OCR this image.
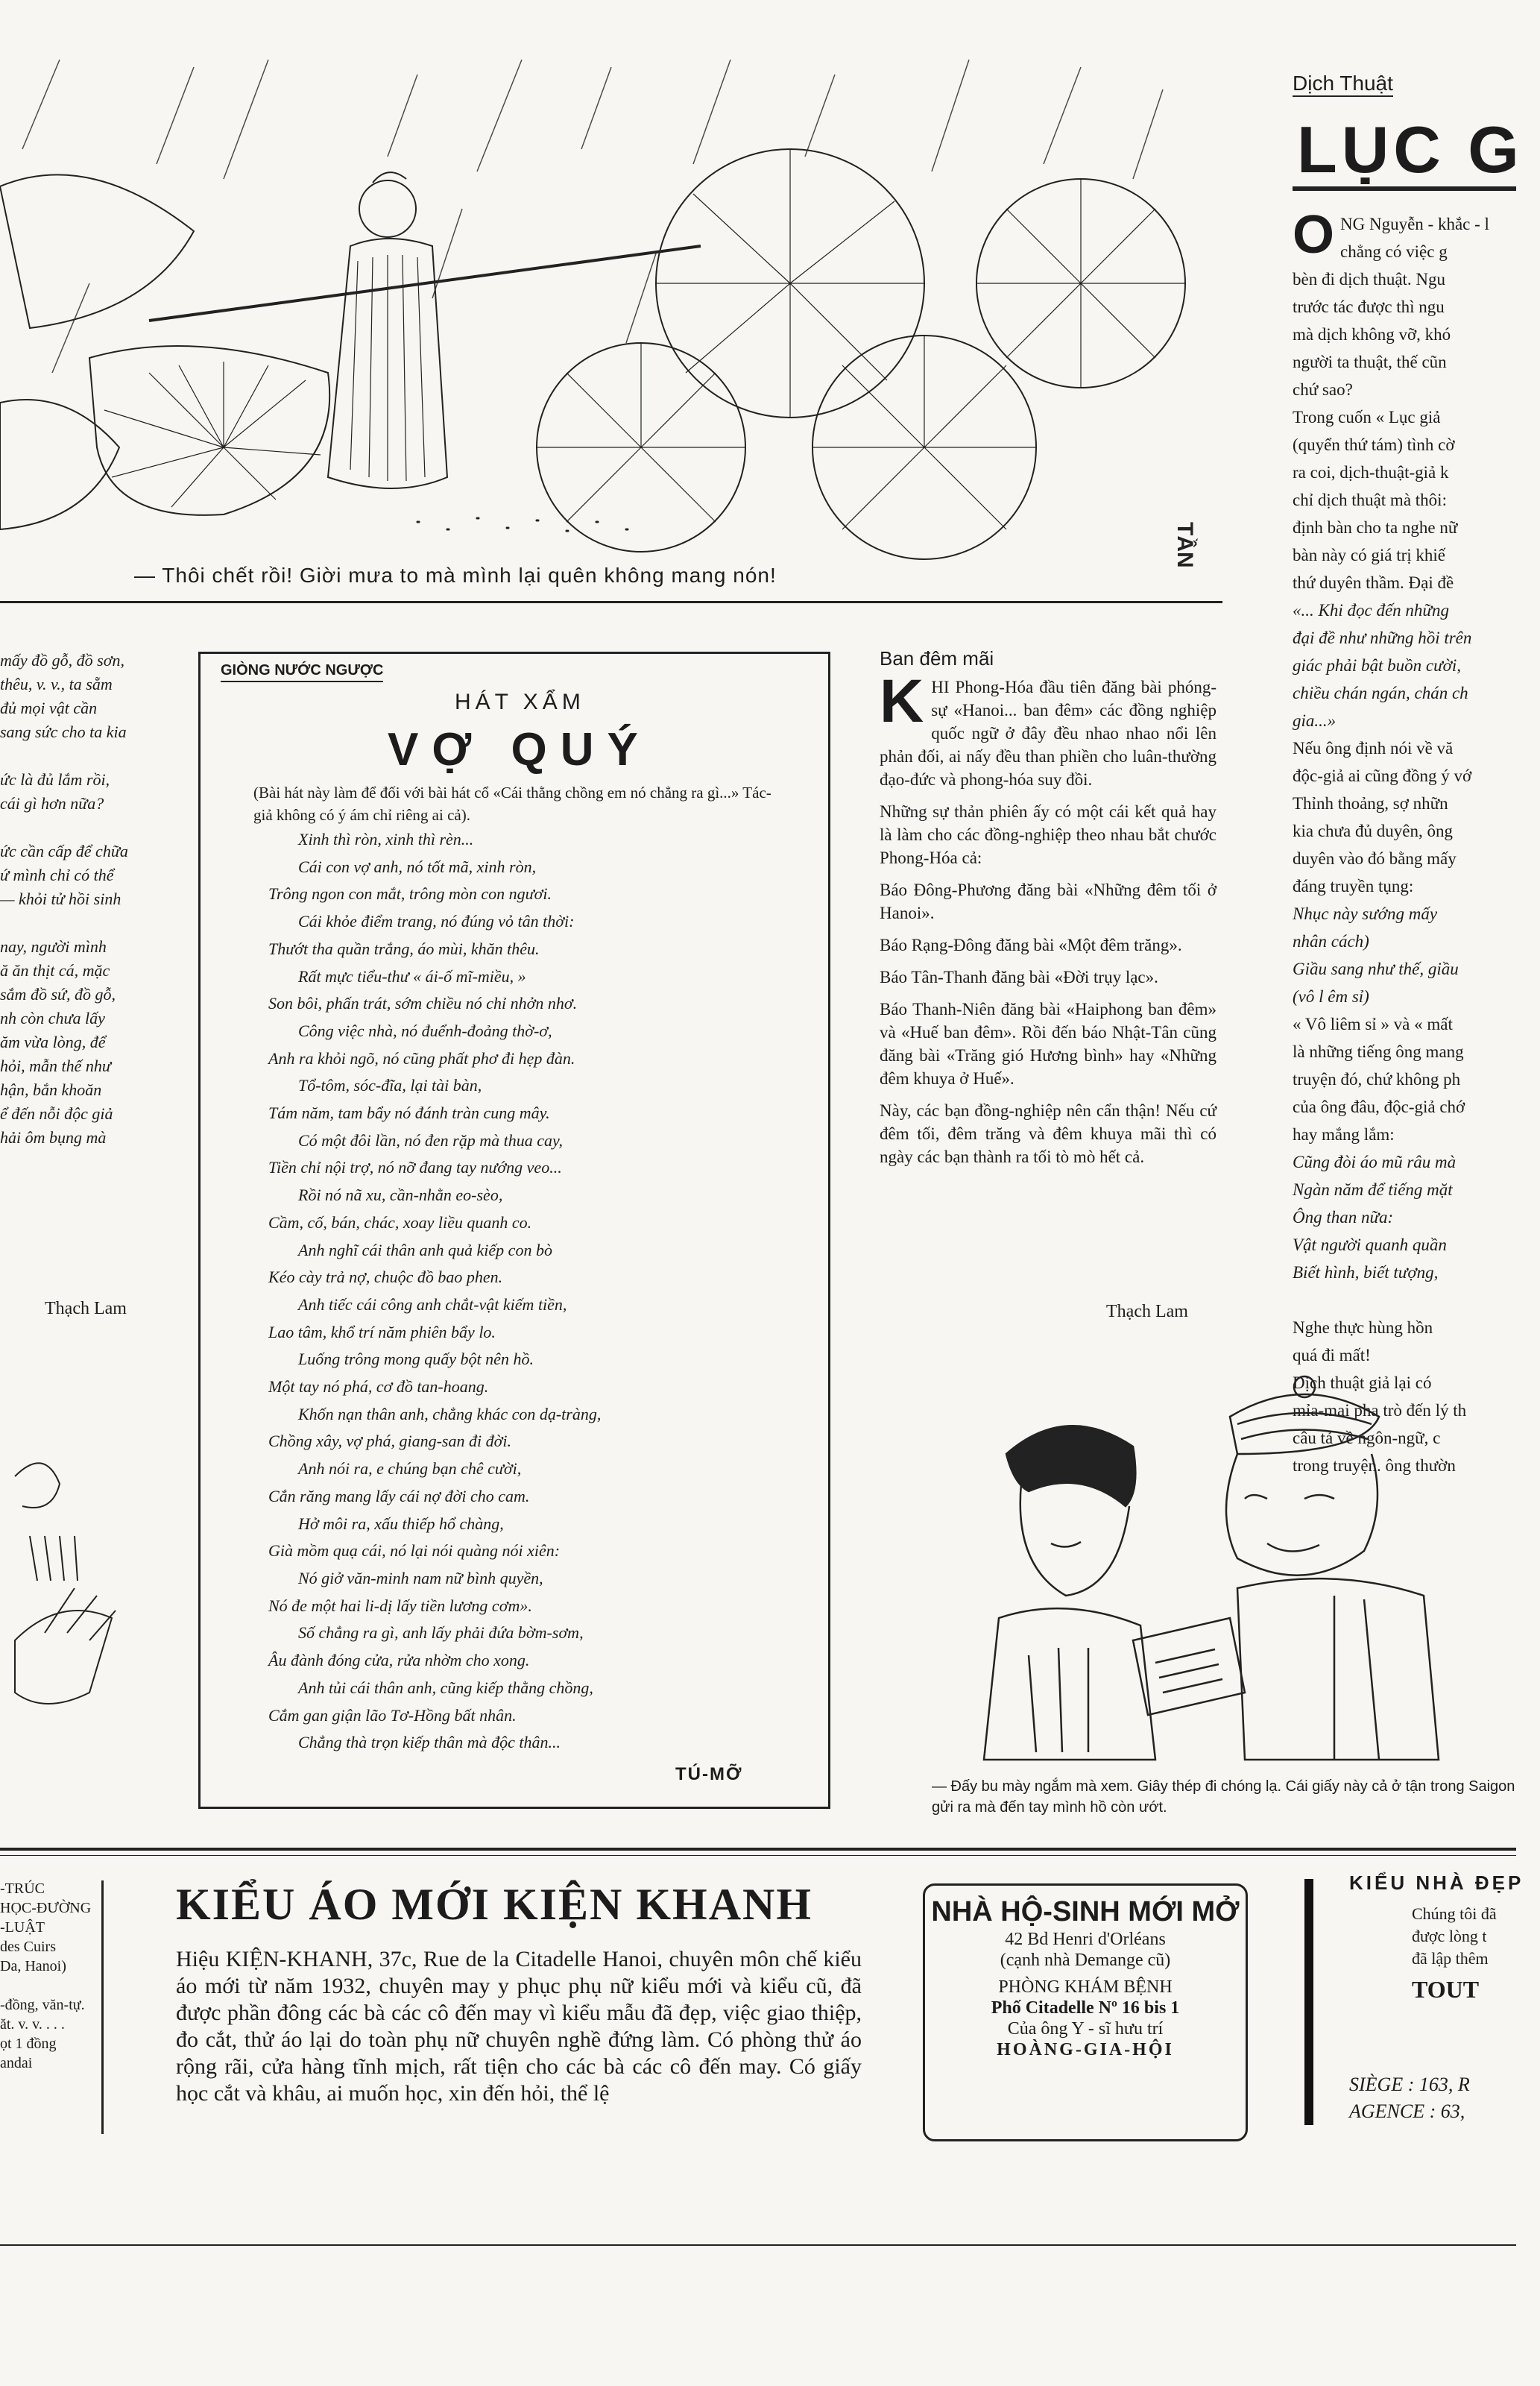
TẦN
— Thôi chết rồi! Giời mưa to mà mình lại quên không mang nón!
mấy đồ gỗ, đồ sơn,
thêu, v. v., ta sẵm
đủ mọi vật cần
sang sức cho ta kia

ức là đủ lắm rồi,
cái gì hơn nữa?

ức cần cấp để chữa
ứ mình chỉ có thể
— khỏi tử hồi sinh

nay, người mình
ă ăn thịt cá, mặc
sắm đồ sứ, đồ gỗ,
nh còn chưa lấy
ăm vừa lòng, để
hỏi, mẫn thế như
hận, bắn khoăn
ể đến nỗi độc giả
hải ôm bụng mà
Thạch Lam
GIÒNG NƯỚC NGƯỢC
HÁT XẨM
VỢ QUÝ
(Bài hát này làm để đối với bài hát cổ «Cái thằng chồng em nó chẳng ra gì...» Tác-giả không có ý ám chỉ riêng ai cả).
Xinh thì ròn, xinh thì rèn...
Cái con vợ anh, nó tốt mã, xinh ròn,
Trông ngon con mắt, trông mòn con ngươi.
Cái khỏe điểm trang, nó đúng vỏ tân thời:
Thướt tha quần trắng, áo mùi, khăn thêu.
Rất mực tiểu-thư « ái-ố mĩ-miều, »
Son bôi, phấn trát, sớm chiều nó chỉ nhởn nhơ.
Công việc nhà, nó đuểnh-đoảng thờ-ơ,
Anh ra khỏi ngõ, nó cũng phất phơ đi hẹp đàn.
Tổ-tôm, sóc-đĩa, lại tài bàn,
Tám năm, tam bẩy nó đánh tràn cung mây.
Có một đôi lần, nó đen rặp mà thua cay,
Tiền chỉ nội trợ, nó nỡ đang tay nướng veo...
Rồi nó nã xu, cần-nhằn eo-sèo,
Cầm, cố, bán, chác, xoay liều quanh co.
Anh nghĩ cái thân anh quả kiếp con bò
Kéo cày trả nợ, chuộc đồ bao phen.
Anh tiếc cái công anh chắt-vật kiếm tiền,
Lao tâm, khổ trí năm phiên bẩy lo.
Luống trông mong quấy bột nên hồ.
Một tay nó phá, cơ đồ tan-hoang.
Khốn nạn thân anh, chẳng khác con dạ-tràng,
Chồng xây, vợ phá, giang-san đi đời.
Anh nói ra, e chúng bạn chê cười,
Cắn răng mang lấy cái nợ đời cho cam.
Hở môi ra, xấu thiếp hổ chàng,
Già mồm quạ cái, nó lại nói quàng nói xiên:
Nó giở văn-minh nam nữ bình quyền,
Nó đe một hai li-dị lấy tiền lương cơm».
Số chẳng ra gì, anh lấy phải đứa bờm-sơm,
Âu đành đóng cửa, rửa nhờm cho xong.
Anh tủi cái thân anh, cũng kiếp thằng chồng,
Cắm gan giận lão Tơ-Hồng bất nhân.
Chẳng thà trọn kiếp thân mà độc thân...
TÚ-MỠ
Ban đêm mãi

KHI Phong-Hóa đầu tiên đăng bài phóng-sự «Hanoi... ban đêm» các đồng nghiệp quốc ngữ ở đây đều nhao nhao nổi lên phản đối, ai nấy đều than phiền cho luân-thường đạo-đức và phong-hóa suy đồi.

Những sự thản phiên ấy có một cái kết quả hay là làm cho các đồng-nghiệp theo nhau bắt chước Phong-Hóa cả:

Báo Đông-Phương đăng bài «Những đêm tối ở Hanoi».

Báo Rạng-Đông đăng bài «Một đêm trăng».

Báo Tân-Thanh đăng bài «Đời trụy lạc».

Báo Thanh-Niên đăng bài «Haiphong ban đêm» và «Huế ban đêm». Rồi đến báo Nhật-Tân cũng đăng bài «Trăng gió Hương bình» hay «Những đêm khuya ở Huế».

Này, các bạn đồng-nghiệp nên cẩn thận! Nếu cứ đêm tối, đêm trăng và đêm khuya mãi thì có ngày các bạn thành ra tối tò mò hết cả.

Thạch Lam
Dịch Thuật
LỤC G
O NG Nguyễn - khắc - l

chẳng có việc g

bèn đi dịch thuật. Ngu

trước tác được thì ngu

mà dịch không vỡ, khó

người ta thuật, thế cũn

chứ sao?

Trong cuốn « Lục giả

(quyển thứ tám) tình cờ

ra coi, dịch-thuật-giả k

chỉ dịch thuật mà thôi:

định bàn cho ta nghe nữ

bàn này có giá trị khiế

thứ duyên thầm. Đại đề

«... Khi đọc đến những

đại đề như những hồi trên

giác phải bật buồn cười,

chiều chán ngán, chán ch

gia...»

Nếu ông định nói về vă

độc-giả ai cũng đồng ý vớ

Thỉnh thoảng, sợ nhữn

kia chưa đủ duyên, ông

duyên vào đó bằng mấy

đáng truyền tụng:

Nhục này sướng mấy

nhân cách)

Giầu sang như thế, giầu

(vô l êm sỉ)

« Vô liêm sỉ » và « mất

là những tiếng ông mang

truyện đó, chứ không ph

của ông đâu, độc-giả chớ

hay mắng lắm:

Cũng đòi áo mũ râu mà

Ngàn năm để tiếng mặt

Ông than nữa:

Vật người quanh quần

Biết hình, biết tượng,

Nghe thực hùng hồn

quá đi mất!

Dịch thuật giả lại có

mỉa-mai pha trò đến lý th

câu tả về ngôn-ngữ, c

trong truyện. ông thườn

— Đấy bu mày ngắm mà xem. Giây thép đi chóng lạ. Cái giấy này cả ở tận trong Saigon gửi ra mà đến tay mình hồ còn ướt.
-TRÚC
HỌC-ĐƯỜNG
-LUẬT
des Cuirs
Da, Hanoi)

-đồng, văn-tự.
ăt. v. v. . . .
ọt 1 đồng
andai
KIỂU ÁO MỚI KIỆN KHANH
Hiệu KIỆN-KHANH, 37c, Rue de la Citadelle Hanoi, chuyên môn chế kiểu áo mới từ năm 1932, chuyên may y phục phụ nữ kiểu mới và kiểu cũ, đã được phần đông các bà các cô đến may vì kiểu mẫu đã đẹp, việc giao thiệp, đo cắt, thử áo lại do toàn phụ nữ chuyên nghề đứng làm. Có phòng thử áo rộng rãi, cửa hàng tĩnh mịch, rất tiện cho các bà các cô đến may. Có giấy học cắt và khâu, ai muốn học, xin đến hỏi, thể lệ
NHÀ HỘ-SINH MỚI MỞ
42 Bd Henri d'Orléans
(cạnh nhà Demange cũ)
PHÒNG KHÁM BỆNH
Phố Citadelle Nº 16 bis 1
Của ông Y - sĩ hưu trí
HOÀNG-GIA-HỘI
KIỂU NHÀ ĐẸP
Chúng tôi đã
được lòng t
đã lập thêm
TOUT
SIÈGE : 163, R
AGENCE : 63,
